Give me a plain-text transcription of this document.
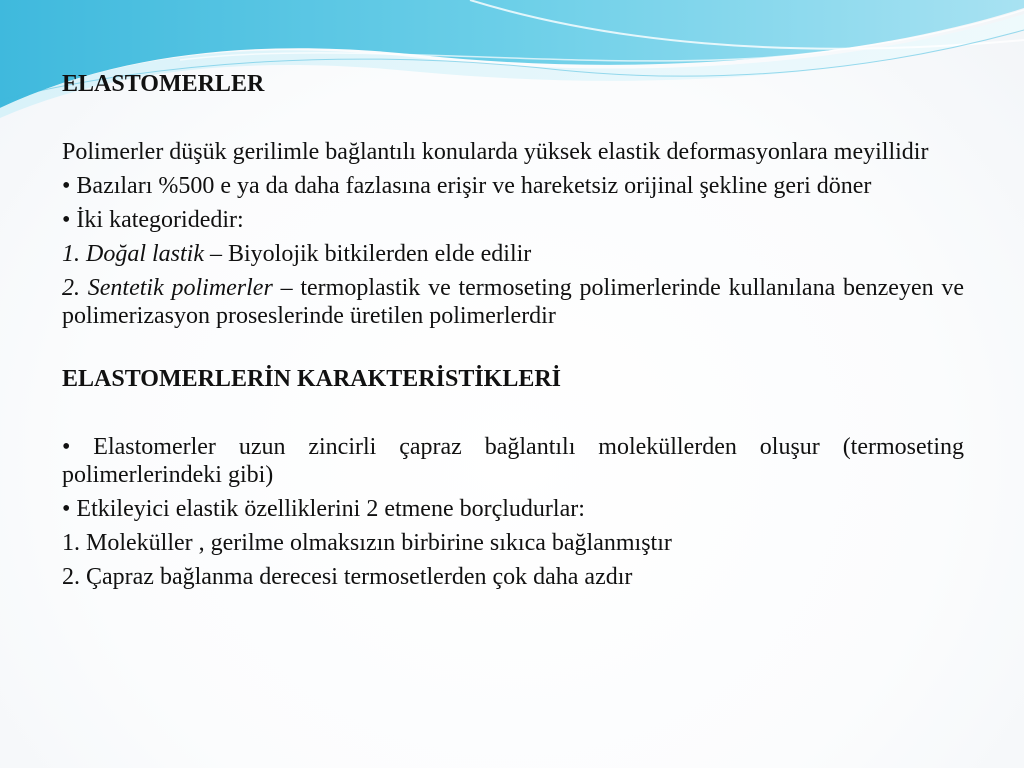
ELASTOMERLER

Polimerler düşük gerilimle bağlantılı konularda yüksek elastik deformasyonlara meyillidir

• Bazıları %500 e ya da daha fazlasına erişir ve hareketsiz orijinal şekline geri döner

• İki kategoridedir:

1. Doğal lastik – Biyolojik bitkilerden elde edilir

2. Sentetik polimerler – termoplastik ve termoseting polimerlerinde kullanılana benzeyen ve polimerizasyon proseslerinde üretilen polimerlerdir

ELASTOMERLERİN KARAKTERİSTİKLERİ

• Elastomerler uzun zincirli çapraz bağlantılı moleküllerden oluşur (termoseting polimerlerindeki gibi)

• Etkileyici elastik özelliklerini 2 etmene borçludurlar:

1. Moleküller , gerilme olmaksızın birbirine sıkıca bağlanmıştır

2. Çapraz bağlanma derecesi termosetlerden çok daha azdır
